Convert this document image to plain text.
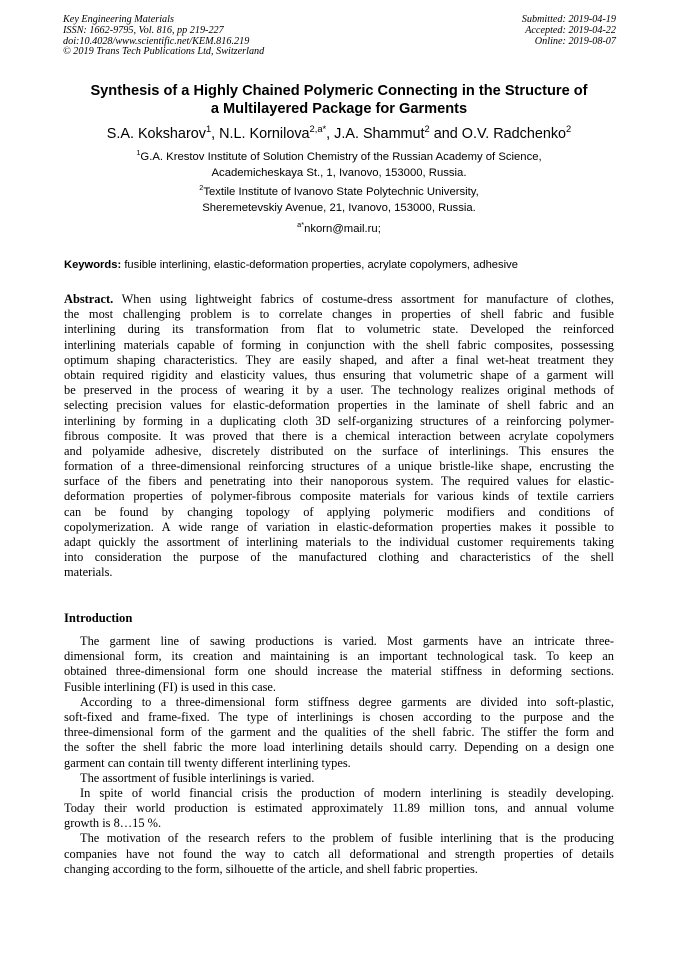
Key Engineering Materials
ISSN: 1662-9795, Vol. 816, pp 219-227
doi:10.4028/www.scientific.net/KEM.816.219
© 2019 Trans Tech Publications Ltd, Switzerland
Submitted: 2019-04-19
Accepted: 2019-04-22
Online: 2019-08-07
Synthesis of a Highly Chained Polymeric Connecting in the Structure of
a Multilayered Package for Garments
S.A. Koksharov$^1$, N.L. Kornilova$^{2,a*}$, J.A. Shammut$^2$ and O.V. Radchenko$^2$
$^1$G.A. Krestov Institute of Solution Chemistry of the Russian Academy of Science,
Academicheskaya St., 1, Ivanovo, 153000, Russia.
$^2$Textile Institute of Ivanovo State Polytechnic University,
Sheremetevskiy Avenue, 21, Ivanovo, 153000, Russia.
$^{a*}$nkorn@mail.ru;
Keywords: fusible interlining, elastic-deformation properties, acrylate copolymers, adhesive
Abstract. When using lightweight fabrics of costume-dress assortment for manufacture of clothes,
the most challenging problem is to correlate changes in properties of shell fabric and fusible
interlining during its transformation from flat to volumetric state. Developed the reinforced
interlining materials capable of forming in conjunction with the shell fabric composites, possessing
optimum shaping characteristics. They are easily shaped, and after a final wet-heat treatment they
obtain required rigidity and elasticity values, thus ensuring that volumetric shape of a garment will
be preserved in the process of wearing it by a user. The technology realizes original methods of
selecting precision values for elastic-deformation properties in the laminate of shell fabric and an
interlining by forming in a duplicating cloth 3D self-organizing structures of a reinforcing polymer-
fibrous composite. It was proved that there is a chemical interaction between acrylate copolymers
and polyamide adhesive, discretely distributed on the surface of interlinings. This ensures the
formation of a three-dimensional reinforcing structures of a unique bristle-like shape, encrusting the
surface of the fibers and penetrating into their nanoporous system. The required values for elastic-
deformation properties of polymer-fibrous composite materials for various kinds of textile carriers
can be found by changing topology of applying polymeric modifiers and conditions of
copolymerization. A wide range of variation in elastic-deformation properties makes it possible to
adapt quickly the assortment of interlining materials to the individual customer requirements taking
into consideration the purpose of the manufactured clothing and characteristics of the shell
materials.
Introduction
The garment line of sawing productions is varied. Most garments have an intricate three-
dimensional form, its creation and maintaining is an important technological task. To keep an
obtained three-dimensional form one should increase the material stiffness in deforming sections.
Fusible interlining (FI) is used in this case.
According to a three-dimensional form stiffness degree garments are divided into soft-plastic,
soft-fixed and frame-fixed. The type of interlinings is chosen according to the purpose and the
three-dimensional form of the garment and the qualities of the shell fabric. The stiffer the form and
the softer the shell fabric the more load interlining details should carry. Depending on a design one
garment can contain till twenty different interlining types.
The assortment of fusible interlinings is varied.
In spite of world financial crisis the production of modern interlining is steadily developing.
Today their world production is estimated approximately 11.89 million tons, and annual volume
growth is 8…15 %.
The motivation of the research refers to the problem of fusible interlining that is the producing
companies have not found the way to catch all deformational and strength properties of details
changing according to the form, silhouette of the article, and shell fabric properties.
